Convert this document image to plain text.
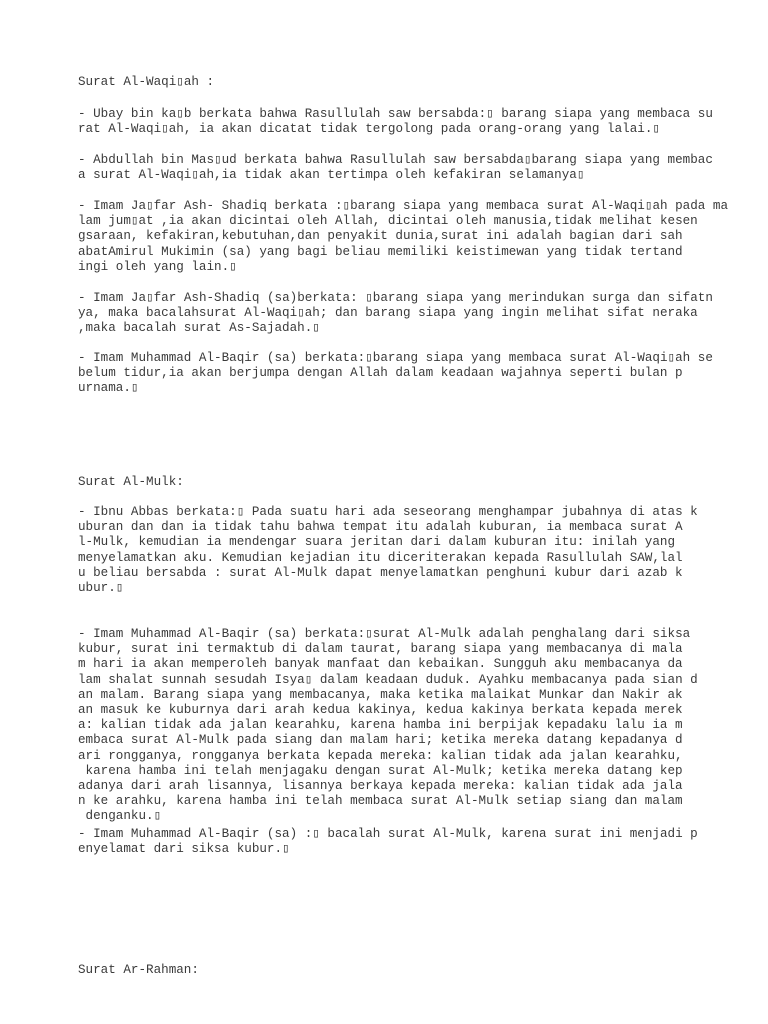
Surat Al-Waqi▯ah :

- Ubay bin ka▯b berkata bahwa Rasullulah saw bersabda:▯ barang siapa yang membaca su
rat Al-Waqi▯ah, ia akan dicatat tidak tergolong pada orang-orang yang lalai.▯

- Abdullah bin Mas▯ud berkata bahwa Rasullulah saw bersabda▯barang siapa yang membac
a surat Al-Waqi▯ah,ia tidak akan tertimpa oleh kefakiran selamanya▯

- Imam Ja▯far Ash- Shadiq berkata :▯barang siapa yang membaca surat Al-Waqi▯ah pada ma
lam jum▯at ,ia akan dicintai oleh Allah, dicintai oleh manusia,tidak melihat kesen
gsaraan, kefakiran,kebutuhan,dan penyakit dunia,surat ini adalah bagian dari sah
abatAmirul Mukimin (sa) yang bagi beliau memiliki keistimewan yang tidak tertand
ingi oleh yang lain.▯

- Imam Ja▯far Ash-Shadiq (sa)berkata: ▯barang siapa yang merindukan surga dan sifatn
ya, maka bacalahsurat Al-Waqi▯ah; dan barang siapa yang ingin melihat sifat neraka
,maka bacalah surat As-Sajadah.▯

- Imam Muhammad Al-Baqir (sa) berkata:▯barang siapa yang membaca surat Al-Waqi▯ah se
belum tidur,ia akan berjumpa dengan Allah dalam keadaan wajahnya seperti bulan p
urnama.▯

Surat Al-Mulk:

- Ibnu Abbas berkata:▯ Pada suatu hari ada seseorang menghampar jubahnya di atas k
uburan dan dan ia tidak tahu bahwa tempat itu adalah kuburan, ia membaca surat A
l-Mulk, kemudian ia mendengar suara jeritan dari dalam kuburan itu: inilah yang
menyelamatkan aku. Kemudian kejadian itu diceriterakan kepada Rasullulah SAW,lal
u beliau bersabda : surat Al-Mulk dapat menyelamatkan penghuni kubur dari azab k
ubur.▯

- Imam Muhammad Al-Baqir (sa) berkata:▯surat Al-Mulk adalah penghalang dari siksa
kubur, surat ini termaktub di dalam taurat, barang siapa yang membacanya di mala
m hari ia akan memperoleh banyak manfaat dan kebaikan. Sungguh aku membacanya da
lam shalat sunnah sesudah Isya▯ dalam keadaan duduk. Ayahku membacanya pada sian d
an malam. Barang siapa yang membacanya, maka ketika malaikat Munkar dan Nakir ak
an masuk ke kuburnya dari arah kedua kakinya, kedua kakinya berkata kepada merek
a: kalian tidak ada jalan kearahku, karena hamba ini berpijak kepadaku lalu ia m
embaca surat Al-Mulk pada siang dan malam hari; ketika mereka datang kepadanya d
ari rongganya, rongganya berkata kepada mereka: kalian tidak ada jalan kearahku,
karena hamba ini telah menjagaku dengan surat Al-Mulk; ketika mereka datang kep
adanya dari arah lisannya, lisannya berkaya kepada mereka: kalian tidak ada jala
n ke arahku, karena hamba ini telah membaca surat Al-Mulk setiap siang dan malam
denganku.▯

- Imam Muhammad Al-Baqir (sa) :▯ bacalah surat Al-Mulk, karena surat ini menjadi p
enyelamat dari siksa kubur.▯

Surat Ar-Rahman:
